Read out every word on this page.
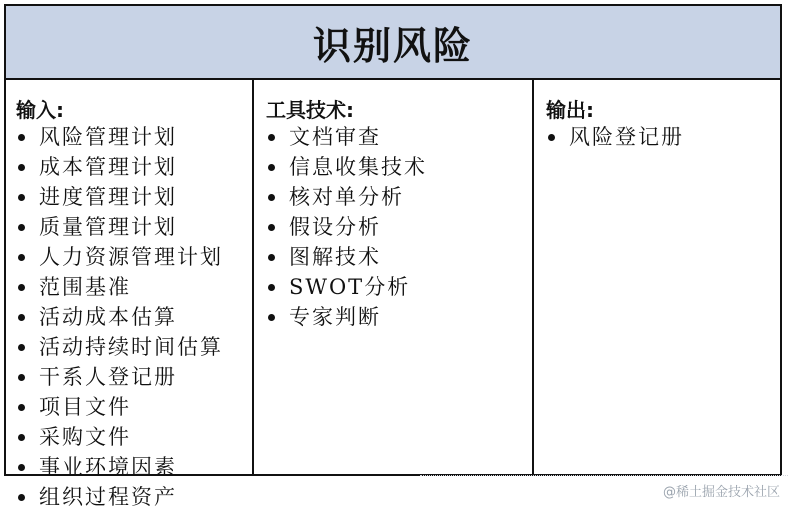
识别风险
输入:
风险管理计划
成本管理计划
进度管理计划
质量管理计划
人力资源管理计划
范围基准
活动成本估算
活动持续时间估算
干系人登记册
项目文件
采购文件
事业环境因素
组织过程资产
工具技术:
文档审查
信息收集技术
核对单分析
假设分析
图解技术
SWOT分析
专家判断
输出:
风险登记册
@稀土掘金技术社区
